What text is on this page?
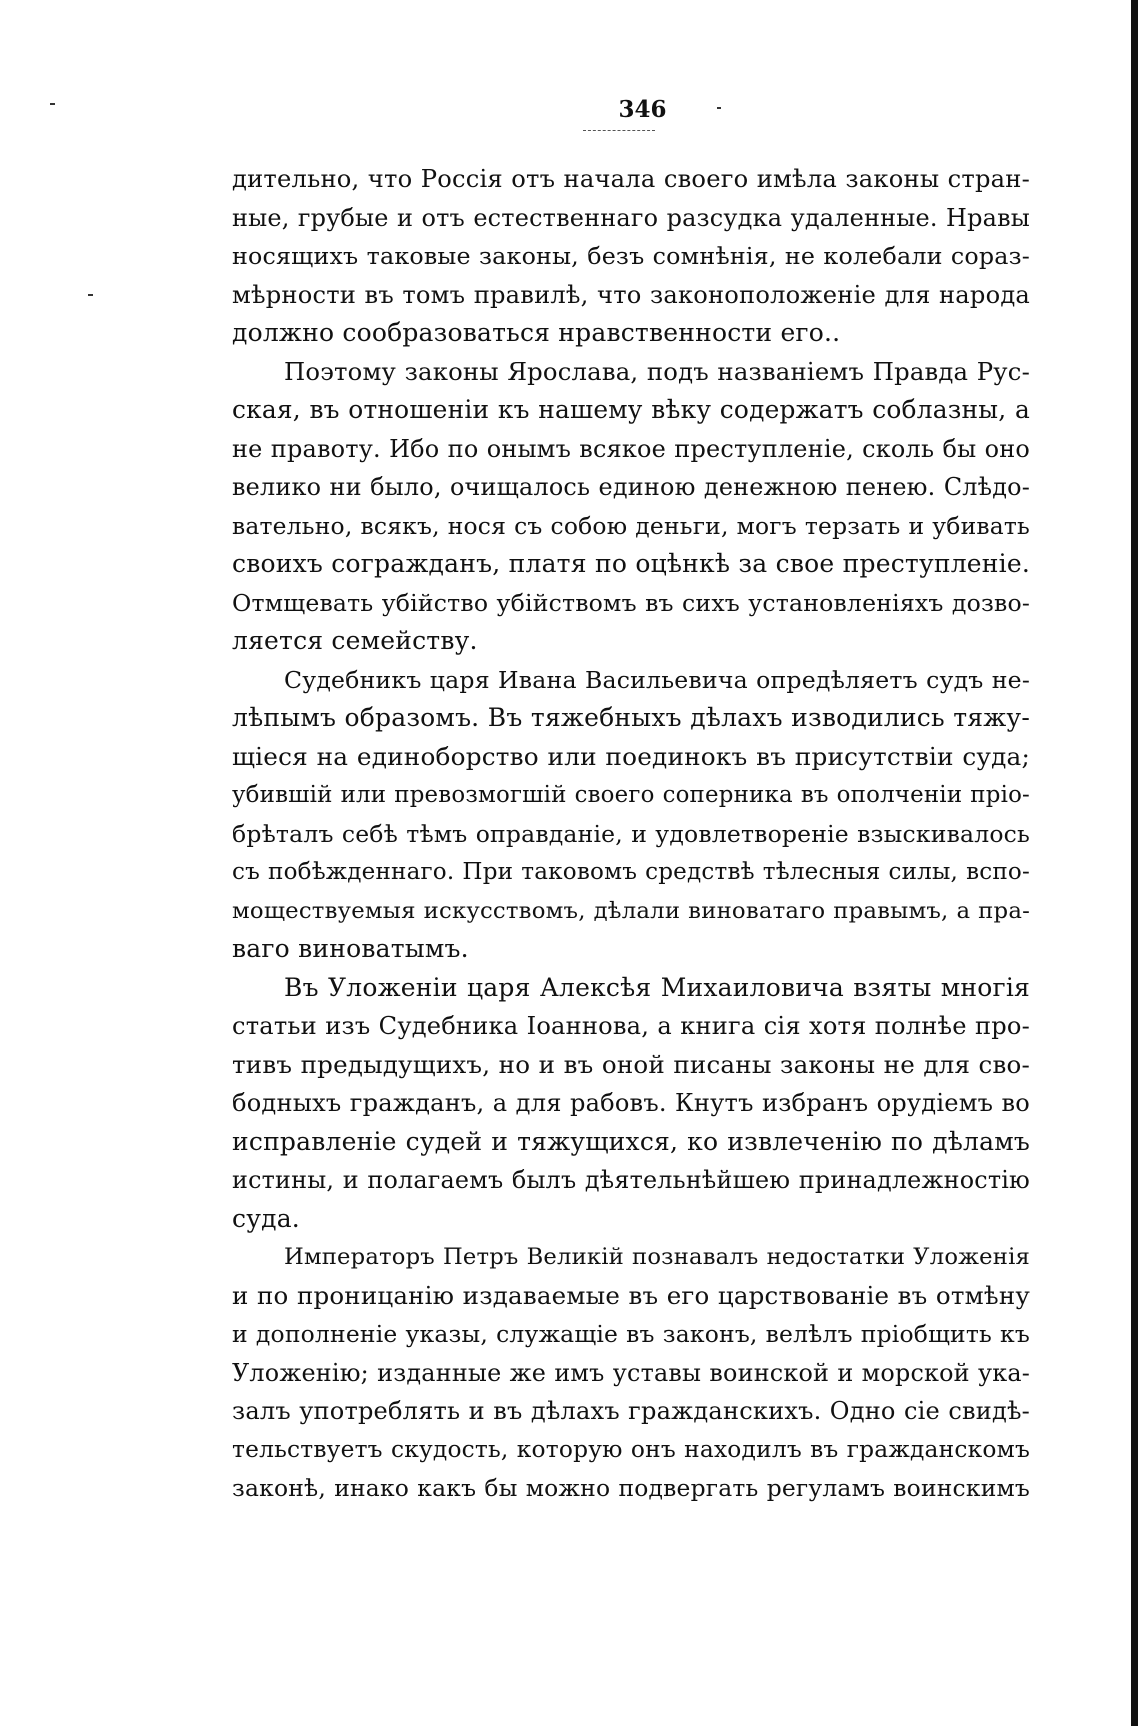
346
дительно, что Россія отъ начала своего имѣла законы стран-
ные, грубые и отъ естественнаго разсудка удаленные. Нравы
носящихъ таковые законы, безъ сомнѣнія, не колебали сораз-
мѣрности въ томъ правилѣ, что законоположеніе для народа
должно сообразоваться нравственности его..
Поэтому законы Ярослава, подъ названіемъ Правда Рус-
ская, въ отношеніи къ нашему вѣку содержатъ соблазны, а
не правоту. Ибо по онымъ всякое преступленіе, сколь бы оно
велико ни было, очищалось единою денежною пенею. Слѣдо-
вательно, всякъ, нося съ собою деньги, могъ терзать и убивать
своихъ согражданъ, платя по оцѣнкѣ за свое преступленіе.
Отмщевать убійство убійствомъ въ сихъ установленіяхъ дозво-
ляется семейству.
Судебникъ царя Ивана Васильевича опредѣляетъ судъ не-
лѣпымъ образомъ. Въ тяжебныхъ дѣлахъ изводились тяжу-
щіеся на единоборство или поединокъ въ присутствіи суда;
убившій или превозмогшій своего соперника въ ополченіи пріо-
брѣталъ себѣ тѣмъ оправданіе, и удовлетвореніе взыскивалось
съ побѣжденнаго. При таковомъ средствѣ тѣлесныя силы, вспо-
моществуемыя искусствомъ, дѣлали виноватаго правымъ, а пра-
ваго виноватымъ.
Въ Уложеніи царя Алексѣя Михаиловича взяты многія
статьи изъ Судебника Іоаннова, а книга сія хотя полнѣе про-
тивъ предыдущихъ, но и въ оной писаны законы не для сво-
бодныхъ гражданъ, а для рабовъ. Кнутъ избранъ орудіемъ во
исправленіе судей и тяжущихся, ко извлеченію по дѣламъ
истины, и полагаемъ былъ дѣятельнѣйшею принадлежностію
суда.
Императоръ Петръ Великій познавалъ недостатки Уложенія
и по проницанію издаваемые въ его царствованіе въ отмѣну
и дополненіе указы, служащіе въ законъ, велѣлъ пріобщить къ
Уложенію; изданные же имъ уставы воинской и морской ука-
залъ употреблять и въ дѣлахъ гражданскихъ. Одно сіе свидѣ-
тельствуетъ скудость, которую онъ находилъ въ гражданскомъ
законѣ, инако какъ бы можно подвергать регуламъ воинскимъ
